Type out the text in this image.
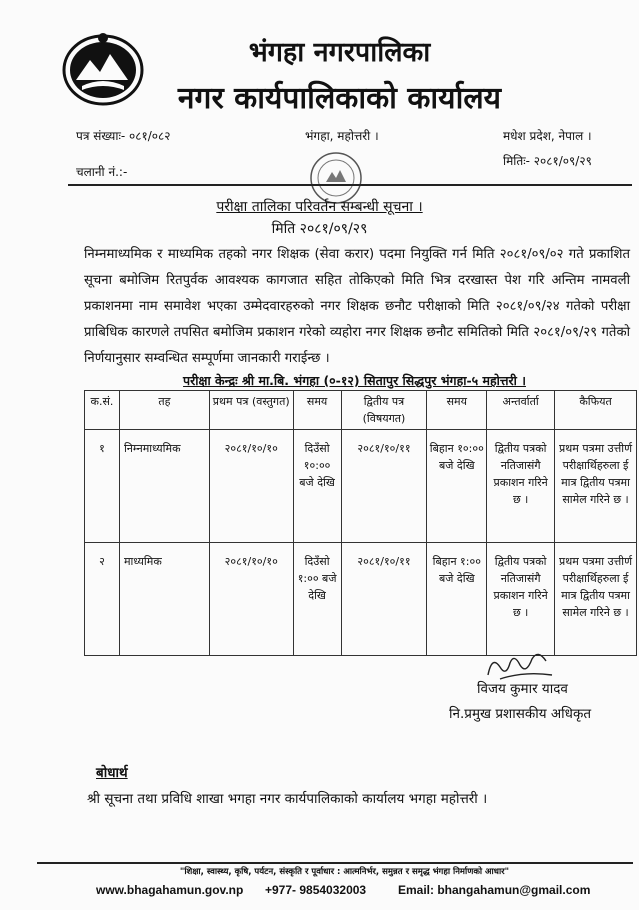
भंगहा नगरपालिका
नगर कार्यपालिकाको कार्यालय
पत्र संख्याः- ०८१/०८२	भंगहा, महोत्तरी ।	मधेश प्रदेश, नेपाल ।
चलानी नं.:-
मितिः- २०८१/०९/२९
परीक्षा तालिका परिवर्तन सम्बन्धी सूचना ।
मिति २०८१/०९/२९
निम्नमाध्यमिक र माध्यमिक तहको नगर शिक्षक (सेवा करार) पदमा नियुक्ति गर्न मिति २०८१/०९/०२ गते प्रकाशित सूचना बमोजिम रितपुर्वक आवश्यक कागजात सहित तोकिएको मिति भित्र दरखास्त पेश गरि अन्तिम नामवली प्रकाशनमा नाम समावेश भएका उम्मेदवारहरुको नगर शिक्षक छनौट परीक्षाको मिति २०८१/०९/२४ गतेको परीक्षा प्राबिधिक कारणले तपसित बमोजिम प्रकाशन गरेको व्यहोरा नगर शिक्षक छनौट समितिको मिति २०८१/०९/२९ गतेको निर्णयानुसार सम्वन्धित सम्पूर्णमा जानकारी गराईन्छ ।
परीक्षा केन्द्रः श्री मा.बि. भंगहा (०-१२) सितापुर सिद्धपुर भंगहा-५ महोत्तरी ।
क.सं.	तह	प्रथम पत्र (वस्तुगत)	समय	द्वितीय पत्र (विषयगत)	समय	अन्तर्वार्ता	कैफियत
१	निम्नमाध्यमिक	२०८१/१०/१०	दिउँसो १०:०० बजे देखि	२०८१/१०/११	बिहान १०:०० बजे देखि	द्वितीय पत्रको नतिजासंगै प्रकाशन गरिने छ ।	प्रथम पत्रमा उत्तीर्ण परीक्षार्थिहरुला ई मात्र द्वितीय पत्रमा सामेल गरिने छ ।
२	माध्यमिक	२०८१/१०/१०	दिउँसो १:०० बजे देखि	२०८१/१०/११	बिहान १:०० बजे देखि	द्वितीय पत्रको नतिजासंगै प्रकाशन गरिने छ ।	प्रथम पत्रमा उत्तीर्ण परीक्षार्थिहरुला ई मात्र द्वितीय पत्रमा सामेल गरिने छ ।
विजय कुमार यादव
नि.प्रमुख प्रशासकीय अधिकृत
बोधार्थ
श्री सूचना तथा प्रविधि शाखा भगहा नगर कार्यपालिकाको कार्यालय भगहा महोत्तरी ।
"शिक्षा, स्वास्थ्य, कृषि, पर्यटन, संस्कृति र पूर्वाधार : आत्मनिर्भर, समुन्नत र समृद्ध भंगहा निर्माणको आधार"
www.bhagahamun.gov.np +977- 9854032003	Email: bhangahamun@gmail.com
